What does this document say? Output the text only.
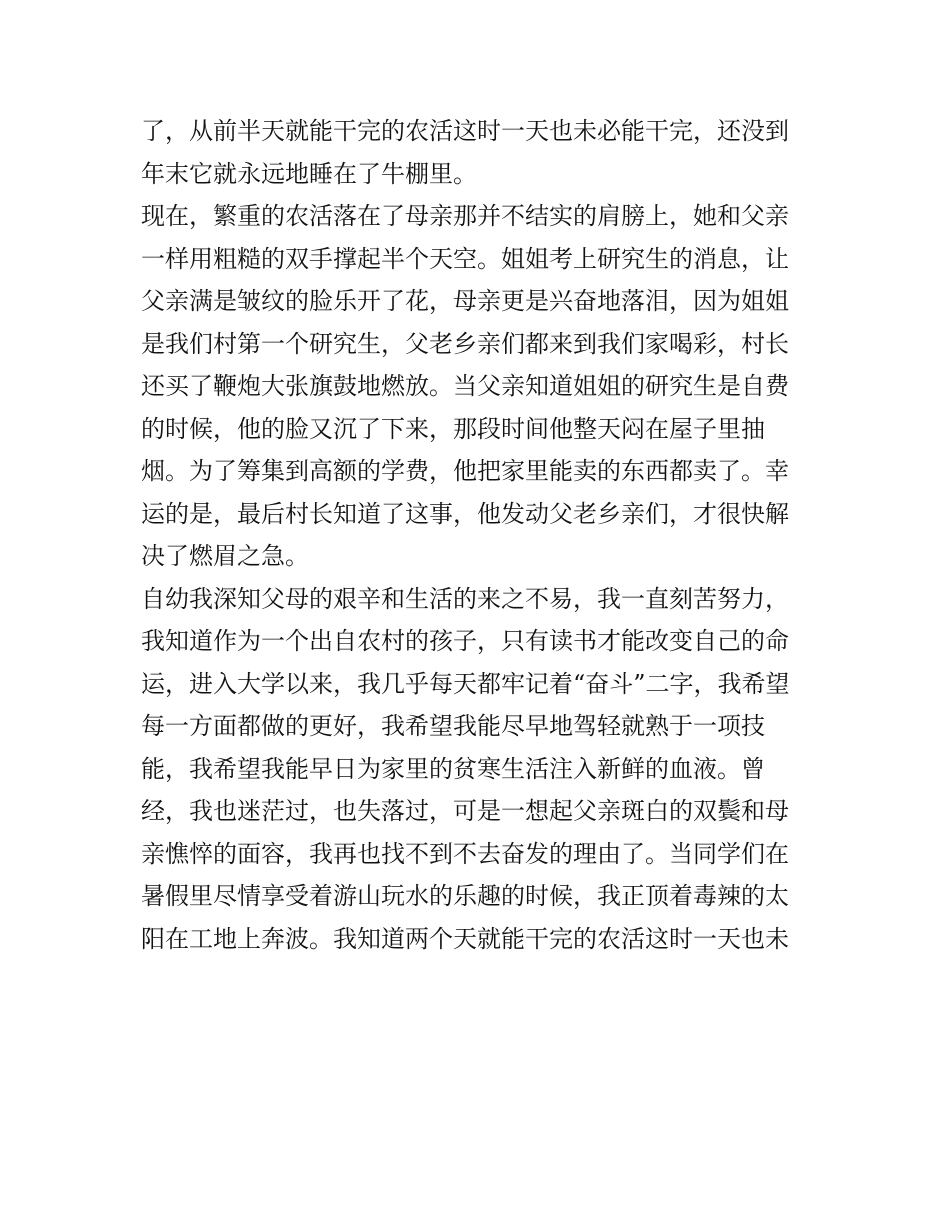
了，从前半天就能干完的农活这时一天也未必能干完，还没到
年末它就永远地睡在了牛棚里。
现在，繁重的农活落在了母亲那并不结实的肩膀上，她和父亲
一样用粗糙的双手撑起半个天空。姐姐考上研究生的消息，让
父亲满是皱纹的脸乐开了花，母亲更是兴奋地落泪，因为姐姐
是我们村第一个研究生，父老乡亲们都来到我们家喝彩，村长
还买了鞭炮大张旗鼓地燃放。当父亲知道姐姐的研究生是自费
的时候，他的脸又沉了下来，那段时间他整天闷在屋子里抽
烟。为了筹集到高额的学费，他把家里能卖的东西都卖了。幸
运的是，最后村长知道了这事，他发动父老乡亲们，才很快解
决了燃眉之急。
自幼我深知父母的艰辛和生活的来之不易，我一直刻苦努力，
我知道作为一个出自农村的孩子，只有读书才能改变自己的命
运，进入大学以来，我几乎每天都牢记着“奋斗”二字，我希望
每一方面都做的更好，我希望我能尽早地驾轻就熟于一项技
能，我希望我能早日为家里的贫寒生活注入新鲜的血液。曾
经，我也迷茫过，也失落过，可是一想起父亲斑白的双鬓和母
亲憔悴的面容，我再也找不到不去奋发的理由了。当同学们在
暑假里尽情享受着游山玩水的乐趣的时候，我正顶着毒辣的太
阳在工地上奔波。我知道两个天就能干完的农活这时一天也未
